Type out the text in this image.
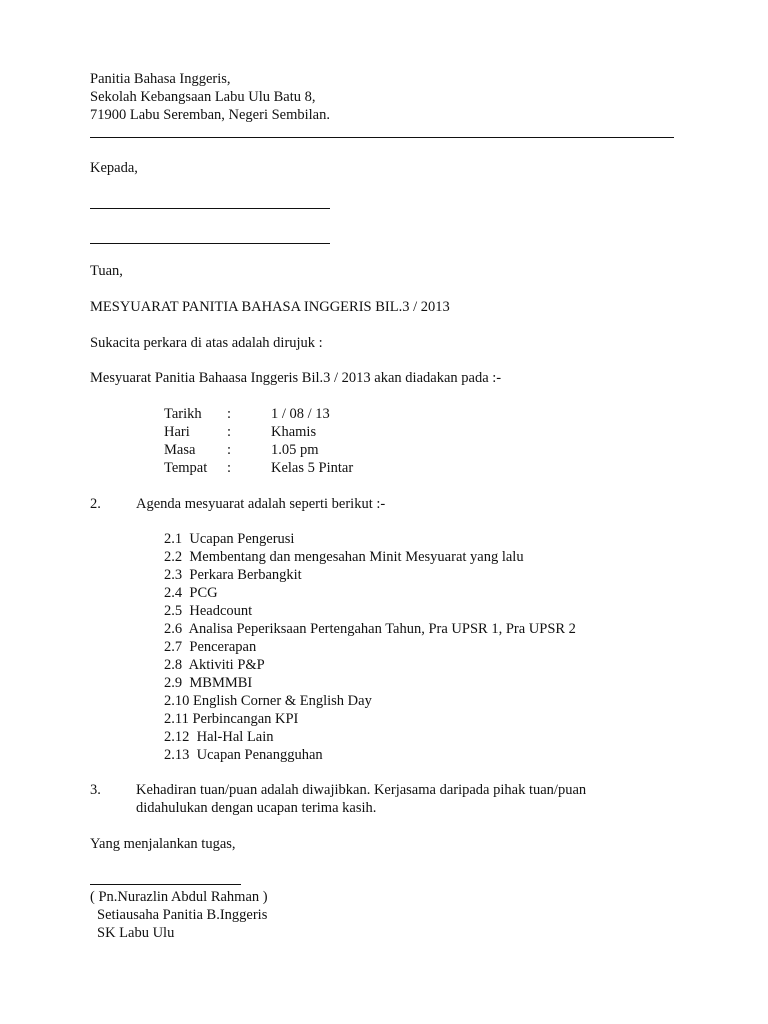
Panitia Bahasa Inggeris,
Sekolah Kebangsaan Labu Ulu Batu 8,
71900 Labu Seremban, Negeri Sembilan.
Kepada,
Tuan,
MESYUARAT PANITIA BAHASA INGGERIS BIL.3 / 2013
Sukacita perkara di atas adalah dirujuk :
Mesyuarat Panitia Bahaasa Inggeris Bil.3 / 2013 akan diadakan pada :-
Tarikh :	1 / 08 / 13
Hari	:	Khamis
Masa :	1.05 pm
Tempat :	Kelas 5 Pintar
2. Agenda mesyuarat adalah seperti berikut :-
2.1  Ucapan Pengerusi
2.2  Membentang dan mengesahan Minit Mesyuarat yang lalu
2.3  Perkara Berbangkit
2.4  PCG
2.5  Headcount
2.6  Analisa Peperiksaan Pertengahan Tahun, Pra UPSR 1, Pra UPSR 2
2.7  Pencerapan
2.8  Aktiviti P&P
2.9  MBMMBI
2.10 English Corner & English Day
2.11 Perbincangan KPI
2.12  Hal-Hal Lain
2.13  Ucapan Penangguhan
3. Kehadiran tuan/puan adalah diwajibkan. Kerjasama daripada pihak tuan/puan
didahulukan dengan ucapan terima kasih.
Yang menjalankan tugas,
( Pn.Nurazlin Abdul Rahman )
Setiausaha Panitia B.Inggeris
SK Labu Ulu
